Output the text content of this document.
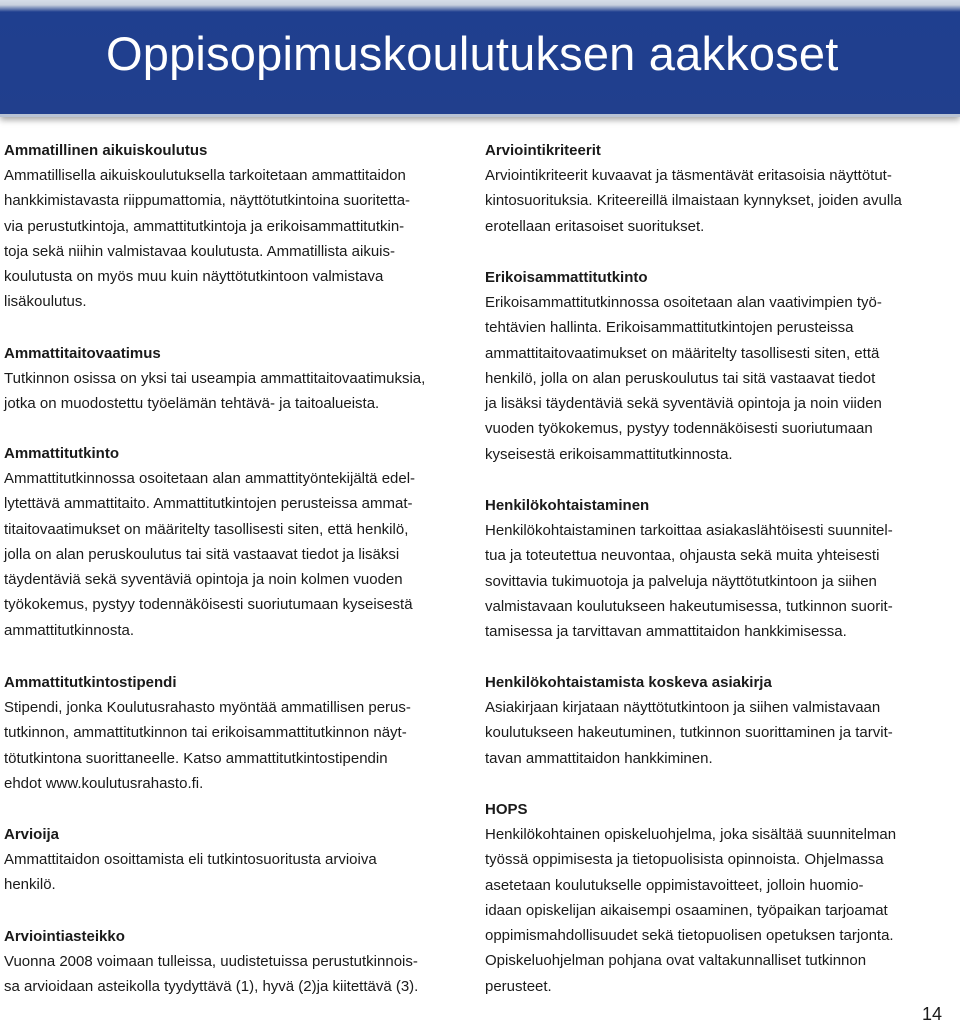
Oppisopimuskoulutuksen aakkoset
Ammatillinen aikuiskoulutus

Ammatillisella aikuiskoulutuksella tarkoitetaan ammattitaidon
hankkimistavasta riippumattomia, näyttötutkintoina suoritetta-
via perustutkintoja, ammattitutkintoja ja erikoisammattitutkin-
toja sekä niihin valmistavaa koulutusta. Ammatillista aikuis-
koulutusta on myös muu kuin näyttötutkintoon valmistava
lisäkoulutus.

Ammattitaitovaatimus

Tutkinnon osissa on yksi tai useampia ammattitaitovaatimuksia,
jotka on muodostettu työelämän tehtävä- ja taitoalueista.

Ammattitutkinto

Ammattitutkinnossa osoitetaan alan ammattityöntekijältä edel-
lytettävä ammattitaito. Ammattitutkintojen perusteissa ammat-
titaitovaatimukset on määritelty tasollisesti siten, että henkilö,
jolla on alan peruskoulutus tai sitä vastaavat tiedot ja lisäksi
täydentäviä sekä syventäviä opintoja ja noin kolmen vuoden
työkokemus, pystyy todennäköisesti suoriutumaan kyseisestä
ammattitutkinnosta.

Ammattitutkintostipendi

Stipendi, jonka Koulutusrahasto myöntää ammatillisen perus-
tutkinnon, ammattitutkinnon tai erikoisammattitutkinnon näyt-
tötutkintona suorittaneelle. Katso ammattitutkintostipendin
ehdot www.koulutusrahasto.fi.

Arvioija

Ammattitaidon osoittamista eli tutkintosuoritusta arvioiva
henkilö.

Arviointiasteikko

Vuonna 2008 voimaan tulleissa, uudistetuissa perustutkinnois-
sa arvioidaan asteikolla tyydyttävä (1), hyvä (2)ja kiitettävä (3).

Arviointikriteerit

Arviointikriteerit kuvaavat ja täsmentävät eritasoisia näyttötut-
kintosuorituksia. Kriteereillä ilmaistaan kynnykset, joiden avulla
erotellaan eritasoiset suoritukset.

Erikoisammattitutkinto

Erikoisammattitutkinnossa osoitetaan alan vaativimpien työ-
tehtävien hallinta. Erikoisammattitutkintojen perusteissa
ammattitaitovaatimukset on määritelty tasollisesti siten, että
henkilö, jolla on alan peruskoulutus tai sitä vastaavat tiedot
ja lisäksi täydentäviä sekä syventäviä opintoja ja noin viiden
vuoden työkokemus, pystyy todennäköisesti suoriutumaan
kyseisestä erikoisammattitutkinnosta.

Henkilökohtaistaminen

Henkilökohtaistaminen tarkoittaa asiakaslähtöisesti suunnitel-
tua ja toteutettua neuvontaa, ohjausta sekä muita yhteisesti
sovittavia tukimuotoja ja palveluja näyttötutkintoon ja siihen
valmistavaan koulutukseen hakeutumisessa, tutkinnon suorit-
tamisessa ja tarvittavan ammattitaidon hankkimisessa.

Henkilökohtaistamista koskeva asiakirja

Asiakirjaan kirjataan näyttötutkintoon ja siihen valmistavaan
koulutukseen hakeutuminen, tutkinnon suorittaminen ja tarvit-
tavan ammattitaidon hankkiminen.

HOPS

Henkilökohtainen opiskeluohjelma, joka sisältää suunnitelman
työssä oppimisesta ja tietopuolisista opinnoista. Ohjelmassa
asetetaan koulutukselle oppimistavoitteet, jolloin huomio-
idaan opiskelijan aikaisempi osaaminen, työpaikan tarjoamat
oppimismahdollisuudet sekä tietopuolisen opetuksen tarjonta.
Opiskeluohjelman pohjana ovat valtakunnalliset tutkinnon
perusteet.

14
